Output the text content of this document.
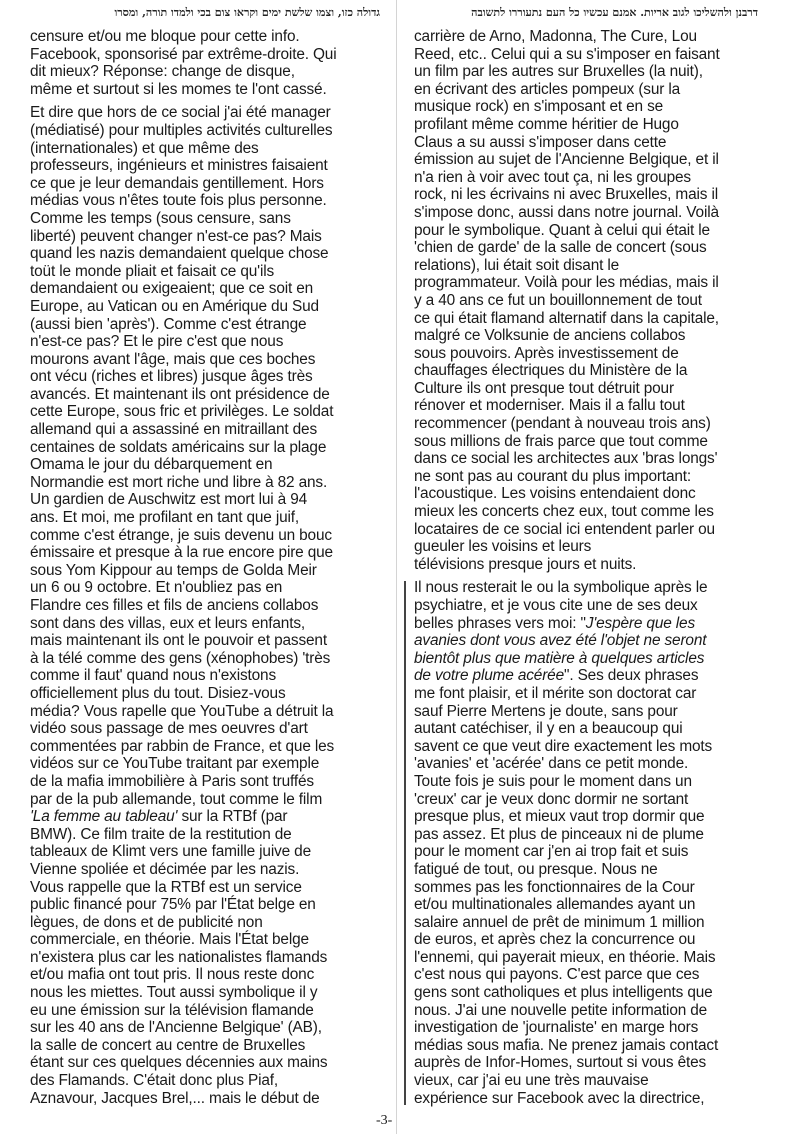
דרבנן ולהשליכו לגוב אריות. אמנם עכשיו כל העם נתעוררו לתשובה
גדולה כזו, וצמו שלשת ימים וקראו צום בכי ולמדו תורה, ומסרו
censure et/ou me bloque pour cette info.
Facebook, sponsorisé par extrême-droite. Qui
dit mieux? Réponse: change de disque,
même et surtout si les momes te l'ont cassé.
Et dire que hors de ce social j'ai été manager
(médiatisé) pour multiples activités culturelles
(internationales) et que même des
professeurs, ingénieurs et ministres faisaient
ce que je leur demandais gentillement. Hors
médias vous n'êtes toute fois plus personne.
Comme les temps (sous censure, sans
liberté) peuvent changer n'est-ce pas? Mais
quand les nazis demandaient quelque chose
toüt le monde pliait et faisait ce qu'ils
demandaient ou exigeaient; que ce soit en
Europe, au Vatican ou en Amérique du Sud
(aussi bien 'après'). Comme c'est étrange
n'est-ce pas? Et le pire c'est que nous
mourons avant l'âge, mais que ces boches
ont vécu (riches et libres) jusque âges très
avancés. Et maintenant ils ont présidence de
cette Europe, sous fric et privilèges. Le soldat
allemand qui a assassiné en mitraillant des
centaines de soldats américains sur la plage
Omama le jour du débarquement en
Normandie est mort riche und libre à 82 ans.
Un gardien de Auschwitz est mort lui à 94
ans. Et moi, me profilant en tant que juif,
comme c'est étrange, je suis devenu un bouc
émissaire et presque à la rue encore pire que
sous Yom Kippour au temps de Golda Meir
un 6 ou 9 octobre. Et n'oubliez pas en
Flandre ces filles et fils de anciens collabos
sont dans des villas, eux et leurs enfants,
mais maintenant ils ont le pouvoir et passent
à la télé comme des gens (xénophobes) 'très
comme il faut' quand nous n'existons
officiellement plus du tout. Disiez-vous
média? Vous rapelle que YouTube a détruit la
vidéo sous passage de mes oeuvres d'art
commentées par rabbin de France, et que les
vidéos sur ce YouTube traitant par exemple
de la mafia immobilière à Paris sont truffés
par de la pub allemande, tout comme le film
'La femme au tableau' sur la RTBf (par
BMW). Ce film traite de la restitution de
tableaux de Klimt vers une famille juive de
Vienne spoliée et décimée par les nazis.
Vous rappelle que la RTBf est un service
public financé pour 75% par l'État belge en
lègues, de dons et de publicité non
commerciale, en théorie. Mais l'État belge
n'existera plus car les nationalistes flamands
et/ou mafia ont tout pris. Il nous reste donc
nous les miettes. Tout aussi symbolique il y
eu une émission sur la télévision flamande
sur les 40 ans de l'Ancienne Belgique' (AB),
la salle de concert au centre de Bruxelles
étant sur ces quelques décennies aux mains
des Flamands. C'était donc plus Piaf,
Aznavour, Jacques Brel,... mais le début de
carrière de Arno, Madonna, The Cure, Lou
Reed, etc.. Celui qui a su s'imposer en faisant
un film par les autres sur Bruxelles (la nuit),
en écrivant des articles pompeux (sur la
musique rock) en s'imposant et en se
profilant même comme héritier de Hugo
Claus a su aussi s'imposer dans cette
émission au sujet de l'Ancienne Belgique, et il
n'a rien à voir avec tout ça, ni les groupes
rock, ni les écrivains ni avec Bruxelles, mais il
s'impose donc, aussi dans notre journal. Voilà
pour le symbolique. Quant à celui qui était le
'chien de garde' de la salle de concert (sous
relations), lui était soit disant le
programmateur. Voilà pour les médias, mais il
y a 40 ans ce fut un bouillonnement de tout
ce qui était flamand alternatif dans la capitale,
malgré ce Volksunie de anciens collabos
sous pouvoirs. Après investissement de
chauffages électriques du Ministère de la
Culture ils ont presque tout détruit pour
rénover et moderniser. Mais il a fallu tout
recommencer (pendant à nouveau trois ans)
sous millions de frais parce que tout comme
dans ce social les architectes aux 'bras longs'
ne sont pas au courant du plus important:
l'acoustique. Les voisins entendaient donc
mieux les concerts chez eux, tout comme les
locataires de ce social ici entendent parler ou
gueuler les voisins et leurs
télévisions presque jours et nuits.
Il nous resterait le ou la symbolique après le
psychiatre, et je vous cite une de ses deux
belles phrases vers moi: "J'espère que les
avanies dont vous avez été l'objet ne seront
bientôt plus que matière à quelques articles
de votre plume acérée". Ses deux phrases
me font plaisir, et il mérite son doctorat car
sauf Pierre Mertens je doute, sans pour
autant catéchiser, il y en a beaucoup qui
savent ce que veut dire exactement les mots
'avanies' et 'acérée' dans ce petit monde.
Toute fois je suis pour le moment dans un
'creux' car je veux donc dormir ne sortant
presque plus, et mieux vaut trop dormir que
pas assez. Et plus de pinceaux ni de plume
pour le moment car j'en ai trop fait et suis
fatigué de tout, ou presque. Nous ne
sommes pas les fonctionnaires de la Cour
et/ou multinationales allemandes ayant un
salaire annuel de prêt de minimum 1 million
de euros, et après chez la concurrence ou
l'ennemi, qui payerait mieux, en théorie. Mais
c'est nous qui payons. C'est parce que ces
gens sont catholiques et plus intelligents que
nous. J'ai une nouvelle petite information de
investigation de 'journaliste' en marge hors
médias sous mafia. Ne prenez jamais contact
auprès de Infor-Homes, surtout si vous êtes
vieux, car j'ai eu une très mauvaise
expérience sur Facebook avec la directrice,
-3-
